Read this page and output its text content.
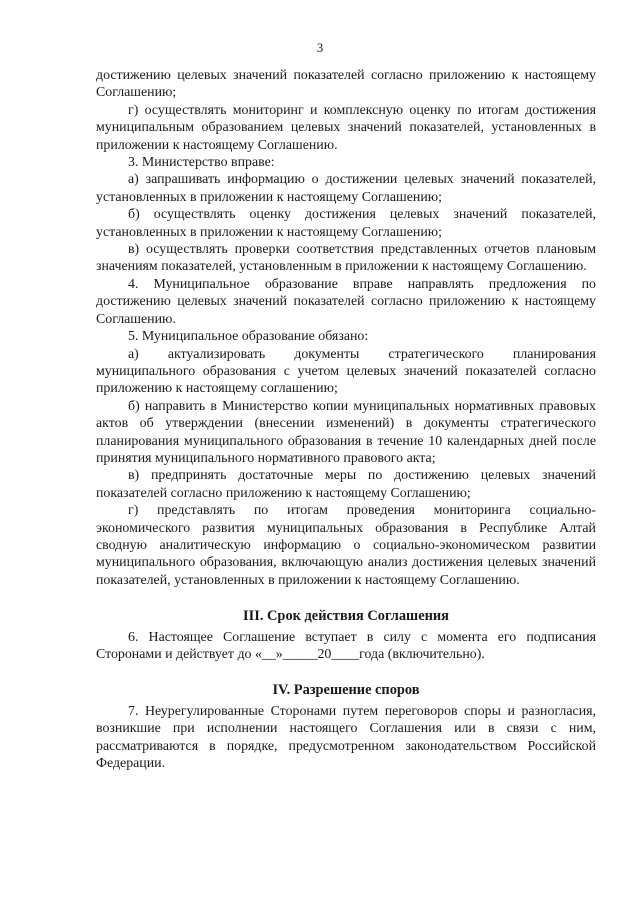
3

достижению целевых значений показателей согласно приложению к настоящему Соглашению;

г) осуществлять мониторинг и комплексную оценку по итогам достижения муниципальным образованием целевых значений показателей, установленных в приложении к настоящему Соглашению.

3. Министерство вправе:

а) запрашивать информацию о достижении целевых значений показателей, установленных в приложении к настоящему Соглашению;

б) осуществлять оценку достижения целевых значений показателей, установленных в приложении к настоящему Соглашению;

в) осуществлять проверки соответствия представленных отчетов плановым значениям показателей, установленным в приложении к настоящему Соглашению.

4. Муниципальное образование вправе направлять предложения по достижению целевых значений показателей согласно приложению к настоящему Соглашению.

5. Муниципальное образование обязано:

а) актуализировать документы стратегического планирования муниципального образования с учетом целевых значений показателей согласно приложению к настоящему соглашению;

б) направить в Министерство копии муниципальных нормативных правовых актов об утверждении (внесении изменений) в документы стратегического планирования муниципального образования в течение 10 календарных дней после принятия муниципального нормативного правового акта;

в) предпринять достаточные меры по достижению целевых значений показателей согласно приложению к настоящему Соглашению;

г) представлять по итогам проведения мониторинга социально-экономического развития муниципальных образования в Республике Алтай сводную аналитическую информацию о социально-экономическом развитии муниципального образования, включающую анализ достижения целевых значений показателей, установленных в приложении к настоящему Соглашению.

III. Срок действия Соглашения

6. Настоящее Соглашение вступает в силу с момента его подписания Сторонами и действует до «__»_____20____года (включительно).

IV. Разрешение споров

7. Неурегулированные Сторонами путем переговоров споры и разногласия, возникшие при исполнении настоящего Соглашения или в связи с ним, рассматриваются в порядке, предусмотренном законодательством Российской Федерации.
